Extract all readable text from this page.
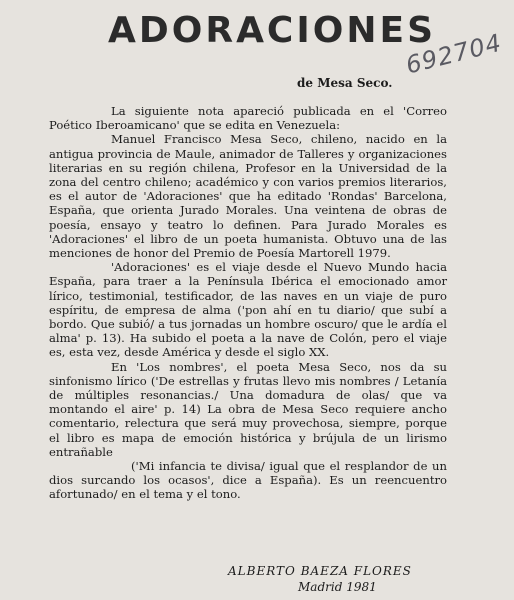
ADORACIONES
692704

de Mesa Seco.

La siguiente nota apareció publicada en el 'Correo Poético Iberoamicano' que se edita en Venezuela:

Manuel Francisco Mesa Seco, chileno, nacido en la antigua provincia de Maule, animador de Talleres y organizaciones literarias en su región chilena, Profesor en la Universidad de la zona del centro chileno; académico y con varios premios literarios, es el autor de 'Adoraciones' que ha editado 'Rondas' Barcelona, España, que orienta Jurado Morales. Una veintena de obras de poesía, ensayo y teatro lo definen. Para Jurado Morales es 'Adoraciones' el libro de un poeta humanista. Obtuvo una de las menciones de honor del Premio de Poesía Martorell 1979.

'Adoraciones' es el viaje desde el Nuevo Mundo hacia España, para traer a la Península Ibérica el emocionado amor lírico, testimonial, testificador, de las naves en un viaje de puro espíritu, de empresa de alma ('pon ahí en tu diario/ que subí a bordo. Que subió/ a tus jornadas un hombre oscuro/ que le ardía el alma' p. 13). Ha subido el poeta a la nave de Colón, pero el viaje es, esta vez, desde América y desde el siglo XX.

En 'Los nombres', el poeta Mesa Seco, nos da su sinfonismo lírico ('De estrellas y frutas llevo mis nombres / Letanía de múltiples resonancias./ Una domadura de olas/ que va montando el aire' p. 14) La obra de Mesa Seco requiere ancho comentario, relectura que será muy provechosa, siempre, porque el libro es mapa de emoción histórica y brújula de un lirismo entrañable

('Mi infancia te divisa/ igual que el resplandor de un dios surcando los ocasos', dice a España). Es un reencuentro afortunado/ en el tema y el tono.

ALBERTO BAEZA FLORES

Madrid 1981
